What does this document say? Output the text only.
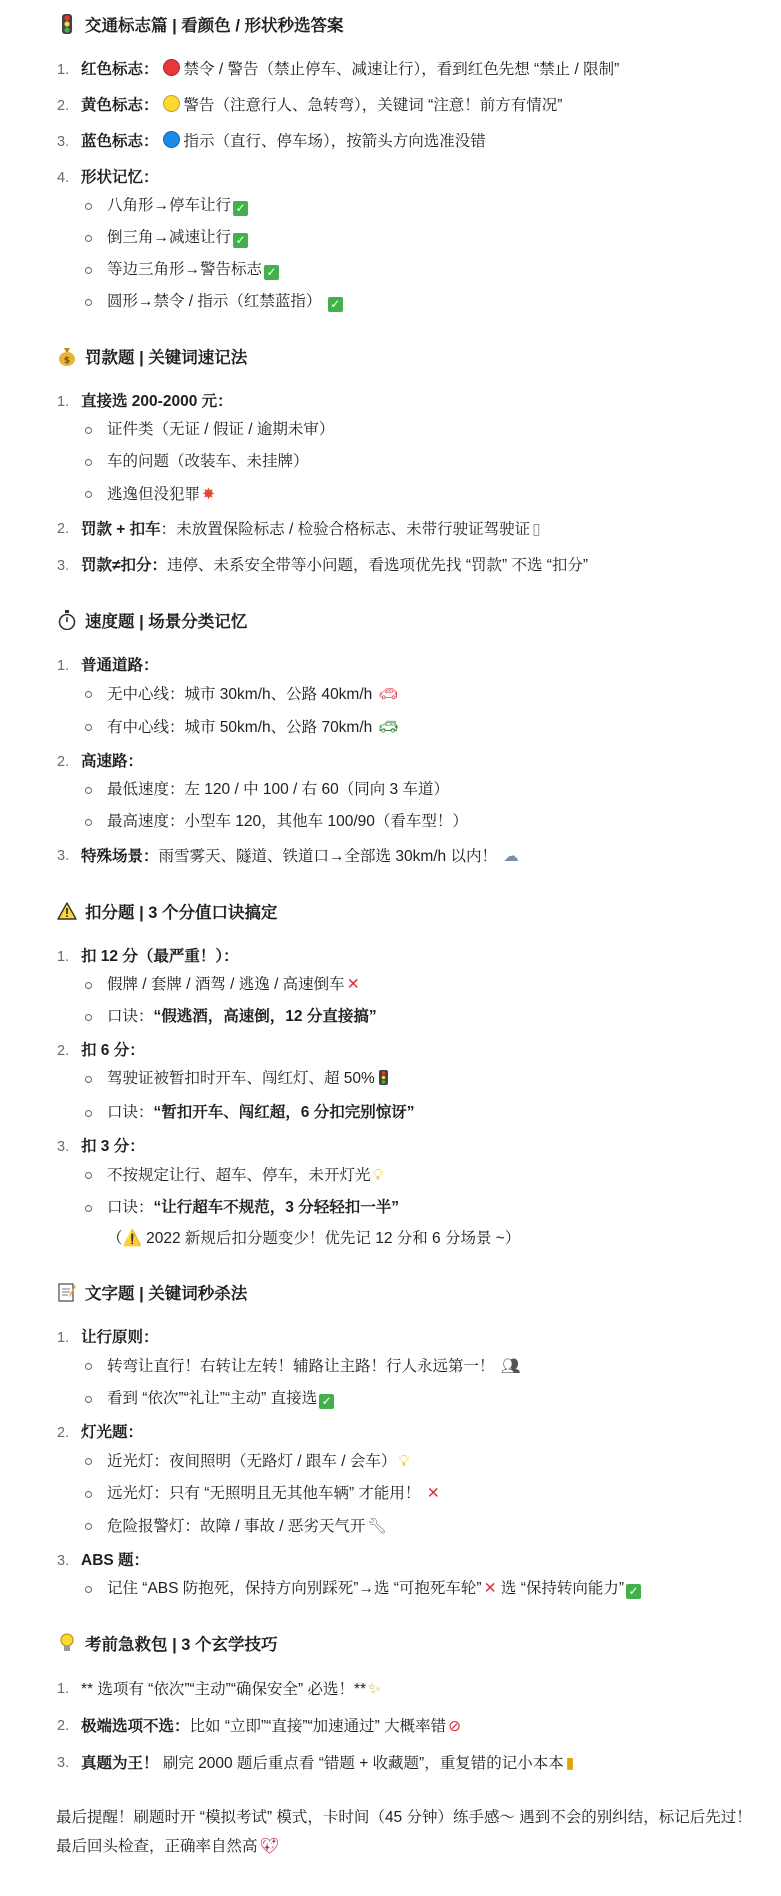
交通标志篇 | 看颜色 / 形状秒选答案
1. 红色标志： 禁令 / 警告（禁止停车、减速让行），看到红色先想 “禁止 / 限制”
2. 黄色标志： 警告（注意行人、急转弯），关键词 “注意！前方有情况”
3. 蓝色标志： 指示（直行、停车场），按箭头方向选准没错
4. 形状记忆：
八角形→停车让行 ✓
倒三角→减速让行 ✓
等边三角形→警告标志 ✓
圆形→禁令 / 指示（红禁蓝指） ✓
$ 罚款题 | 关键词速记法
1. 直接选 200-2000 元：
证件类（无证 / 假证 / 逾期未审）
车的问题（改装车、未挂牌）
逃逸但没犯罪 ✸
2. 罚款 + 扣车：未放置保险标志 / 检验合格标志、未带行驶证驾驶证 ▯
3. 罚款≠扣分：违停、未系安全带等小问题，看选项优先找 “罚款” 不选 “扣分”
速度题 | 场景分类记忆
1. 普通道路：
无中心线：城市 30km/h、公路 40km/h 🚗︎
有中心线：城市 50km/h、公路 70km/h 🚙︎
2. 高速路：
最低速度：左 120 / 中 100 / 右 60（同向 3 车道）
最高速度：小型车 120，其他车 100/90（看车型！）
3. 特殊场景：雨雪雾天、隧道、铁道口→全部选 30km/h 以内！ ☁
扣分题 | 3 个分值口诀搞定
1. 扣 12 分（最严重！）：
假牌 / 套牌 / 酒驾 / 逃逸 / 高速倒车 ✕
口诀：“假逃酒，高速倒，12 分直接搞”
2. 扣 6 分：
驾驶证被暂扣时开车、闯红灯、超 50%
口诀：“暂扣开车、闯红超，6 分扣完别惊讶”
3. 扣 3 分：
不按规定让行、超车、停车，未开灯光 💡︎
口诀：“让行超车不规范，3 分轻轻扣一半”
（⚠️ 2022 新规后扣分题变少！优先记 12 分和 6 分场景 ~）
文字题 | 关键词秒杀法
1. 让行原则：
转弯让直行！右转让左转！辅路让主路！行人永远第一！ 👥︎
看到 “依次”“礼让”“主动” 直接选 ✓
2. 灯光题：
近光灯：夜间照明（无路灯 / 跟车 / 会车） 💡︎
远光灯：只有 “无照明且无其他车辆” 才能用！ ✕
危险报警灯：故障 / 事故 / 恶劣天气开 🔧︎
3. ABS 题：
记住 “ABS 防抱死，保持方向别踩死”→选 “可抱死车轮” ✕ 选 “保持转向能力” ✓
考前急救包 | 3 个玄学技巧
1. ** 选项有 “依次”“主动”“确保安全” 必选！** ✨︎
2. 极端选项不选：比如 “立即”“直接”“加速通过” 大概率错 ⊘
3. 真题为王！ 刷完 2000 题后重点看 “错题 + 收藏题”，重复错的记小本本 ▮
最后提醒！刷题时开 “模拟考试” 模式，卡时间（45 分钟）练手感～ 遇到不会的别纠结，标记后先过！最后回头检查，正确率自然高 💖︎
